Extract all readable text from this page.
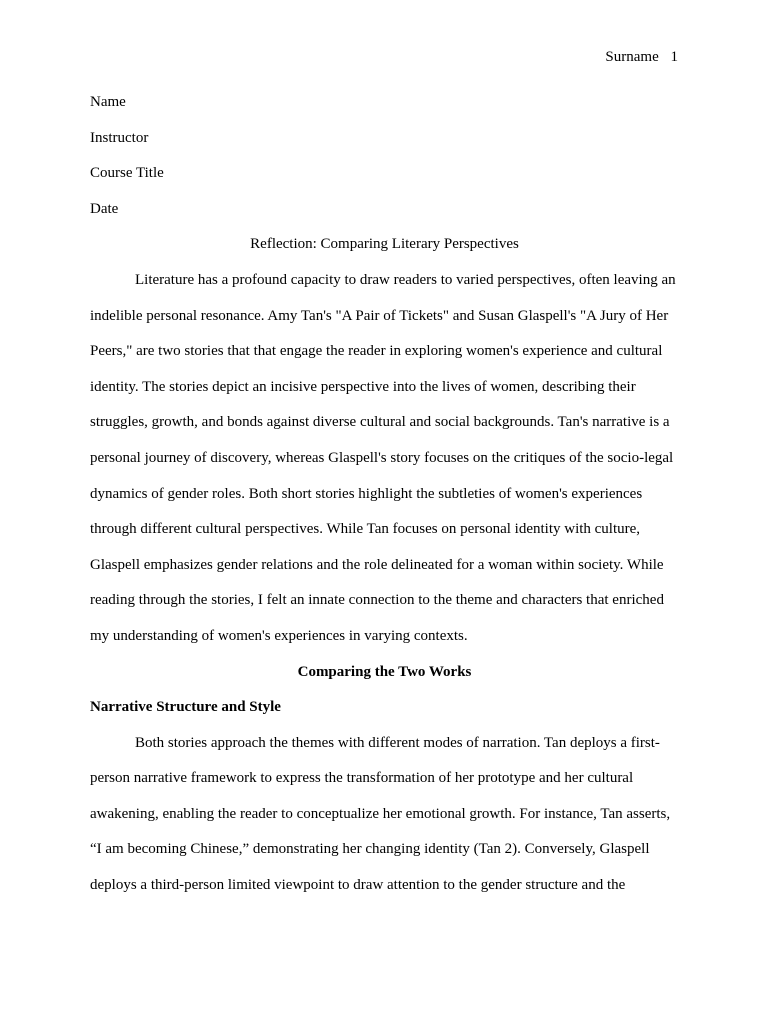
Surname 1
Name
Instructor
Course Title
Date
Reflection: Comparing Literary Perspectives

Literature has a profound capacity to draw readers to varied perspectives, often leaving an indelible personal resonance. Amy Tan's "A Pair of Tickets" and Susan Glaspell's "A Jury of Her Peers," are two stories that that engage the reader in exploring women's experience and cultural identity. The stories depict an incisive perspective into the lives of women, describing their struggles, growth, and bonds against diverse cultural and social backgrounds. Tan's narrative is a personal journey of discovery, whereas Glaspell's story focuses on the critiques of the socio-legal dynamics of gender roles. Both short stories highlight the subtleties of women's experiences through different cultural perspectives. While Tan focuses on personal identity with culture, Glaspell emphasizes gender relations and the role delineated for a woman within society. While reading through the stories, I felt an innate connection to the theme and characters that enriched my understanding of women's experiences in varying contexts.

Comparing the Two Works
Narrative Structure and Style

Both stories approach the themes with different modes of narration. Tan deploys a first-person narrative framework to express the transformation of her prototype and her cultural awakening, enabling the reader to conceptualize her emotional growth. For instance, Tan asserts, “I am becoming Chinese,” demonstrating her changing identity (Tan 2). Conversely, Glaspell deploys a third-person limited viewpoint to draw attention to the gender structure and the
